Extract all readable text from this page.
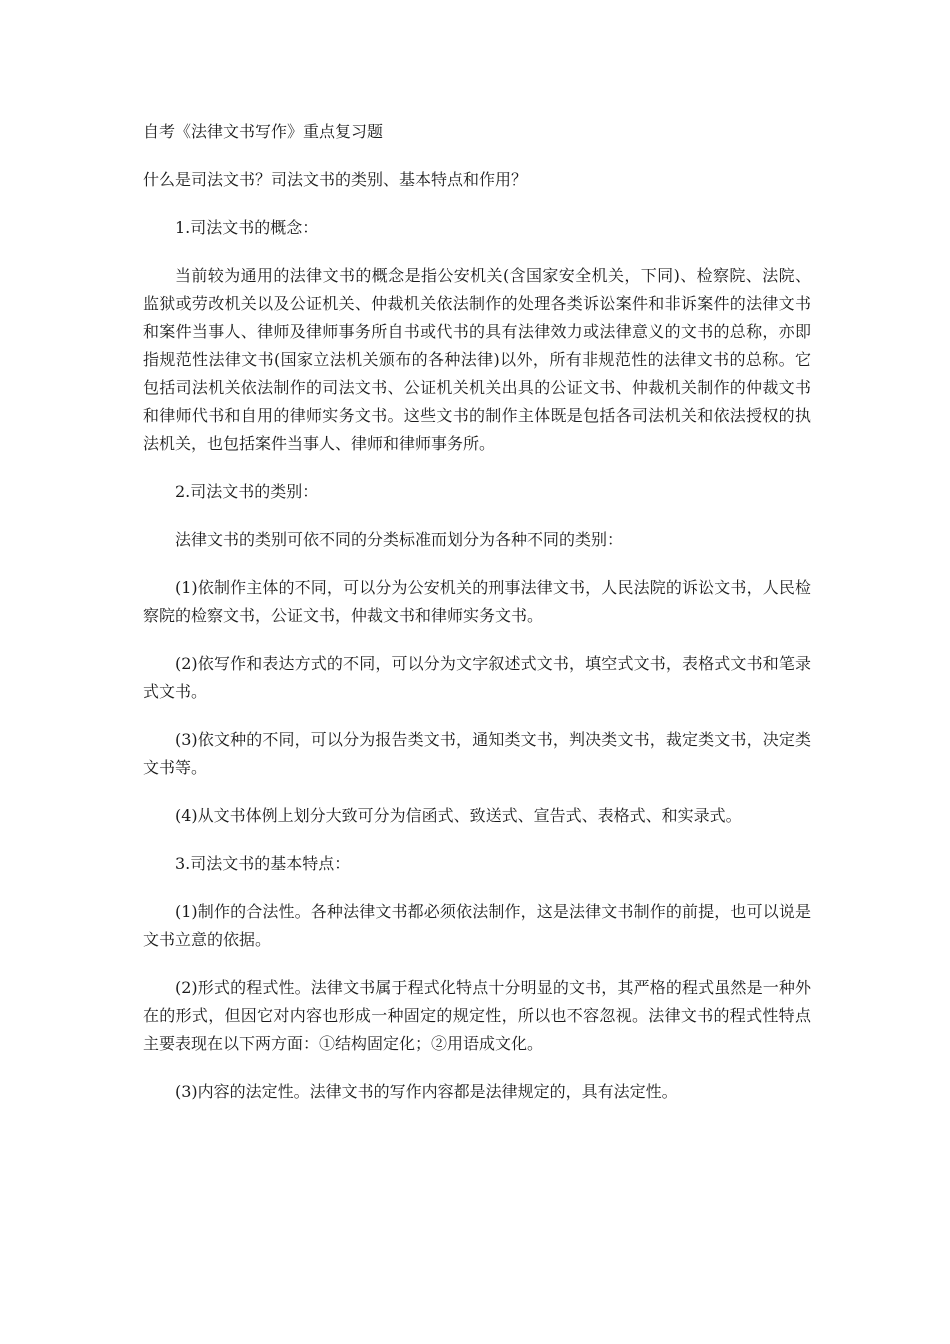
自考《法律文书写作》重点复习题
什么是司法文书？司法文书的类别、基本特点和作用？

1.司法文书的概念：

当前较为通用的法律文书的概念是指公安机关(含国家安全机关，下同)、检察院、法院、监狱或劳改机关以及公证机关、仲裁机关依法制作的处理各类诉讼案件和非诉案件的法律文书和案件当事人、律师及律师事务所自书或代书的具有法律效力或法律意义的文书的总称，亦即指规范性法律文书(国家立法机关颁布的各种法律)以外，所有非规范性的法律文书的总称。它包括司法机关依法制作的司法文书、公证机关机关出具的公证文书、仲裁机关制作的仲裁文书和律师代书和自用的律师实务文书。这些文书的制作主体既是包括各司法机关和依法授权的执法机关，也包括案件当事人、律师和律师事务所。

2.司法文书的类别：

法律文书的类别可依不同的分类标准而划分为各种不同的类别：

(1)依制作主体的不同，可以分为公安机关的刑事法律文书，人民法院的诉讼文书，人民检察院的检察文书，公证文书，仲裁文书和律师实务文书。

(2)依写作和表达方式的不同，可以分为文字叙述式文书，填空式文书，表格式文书和笔录式文书。

(3)依文种的不同，可以分为报告类文书，通知类文书，判决类文书，裁定类文书，决定类文书等。

(4)从文书体例上划分大致可分为信函式、致送式、宣告式、表格式、和实录式。

3.司法文书的基本特点：

(1)制作的合法性。各种法律文书都必须依法制作，这是法律文书制作的前提，也可以说是文书立意的依据。

(2)形式的程式性。法律文书属于程式化特点十分明显的文书，其严格的程式虽然是一种外在的形式，但因它对内容也形成一种固定的规定性，所以也不容忽视。法律文书的程式性特点主要表现在以下两方面：①结构固定化；②用语成文化。

(3)内容的法定性。法律文书的写作内容都是法律规定的，具有法定性。
